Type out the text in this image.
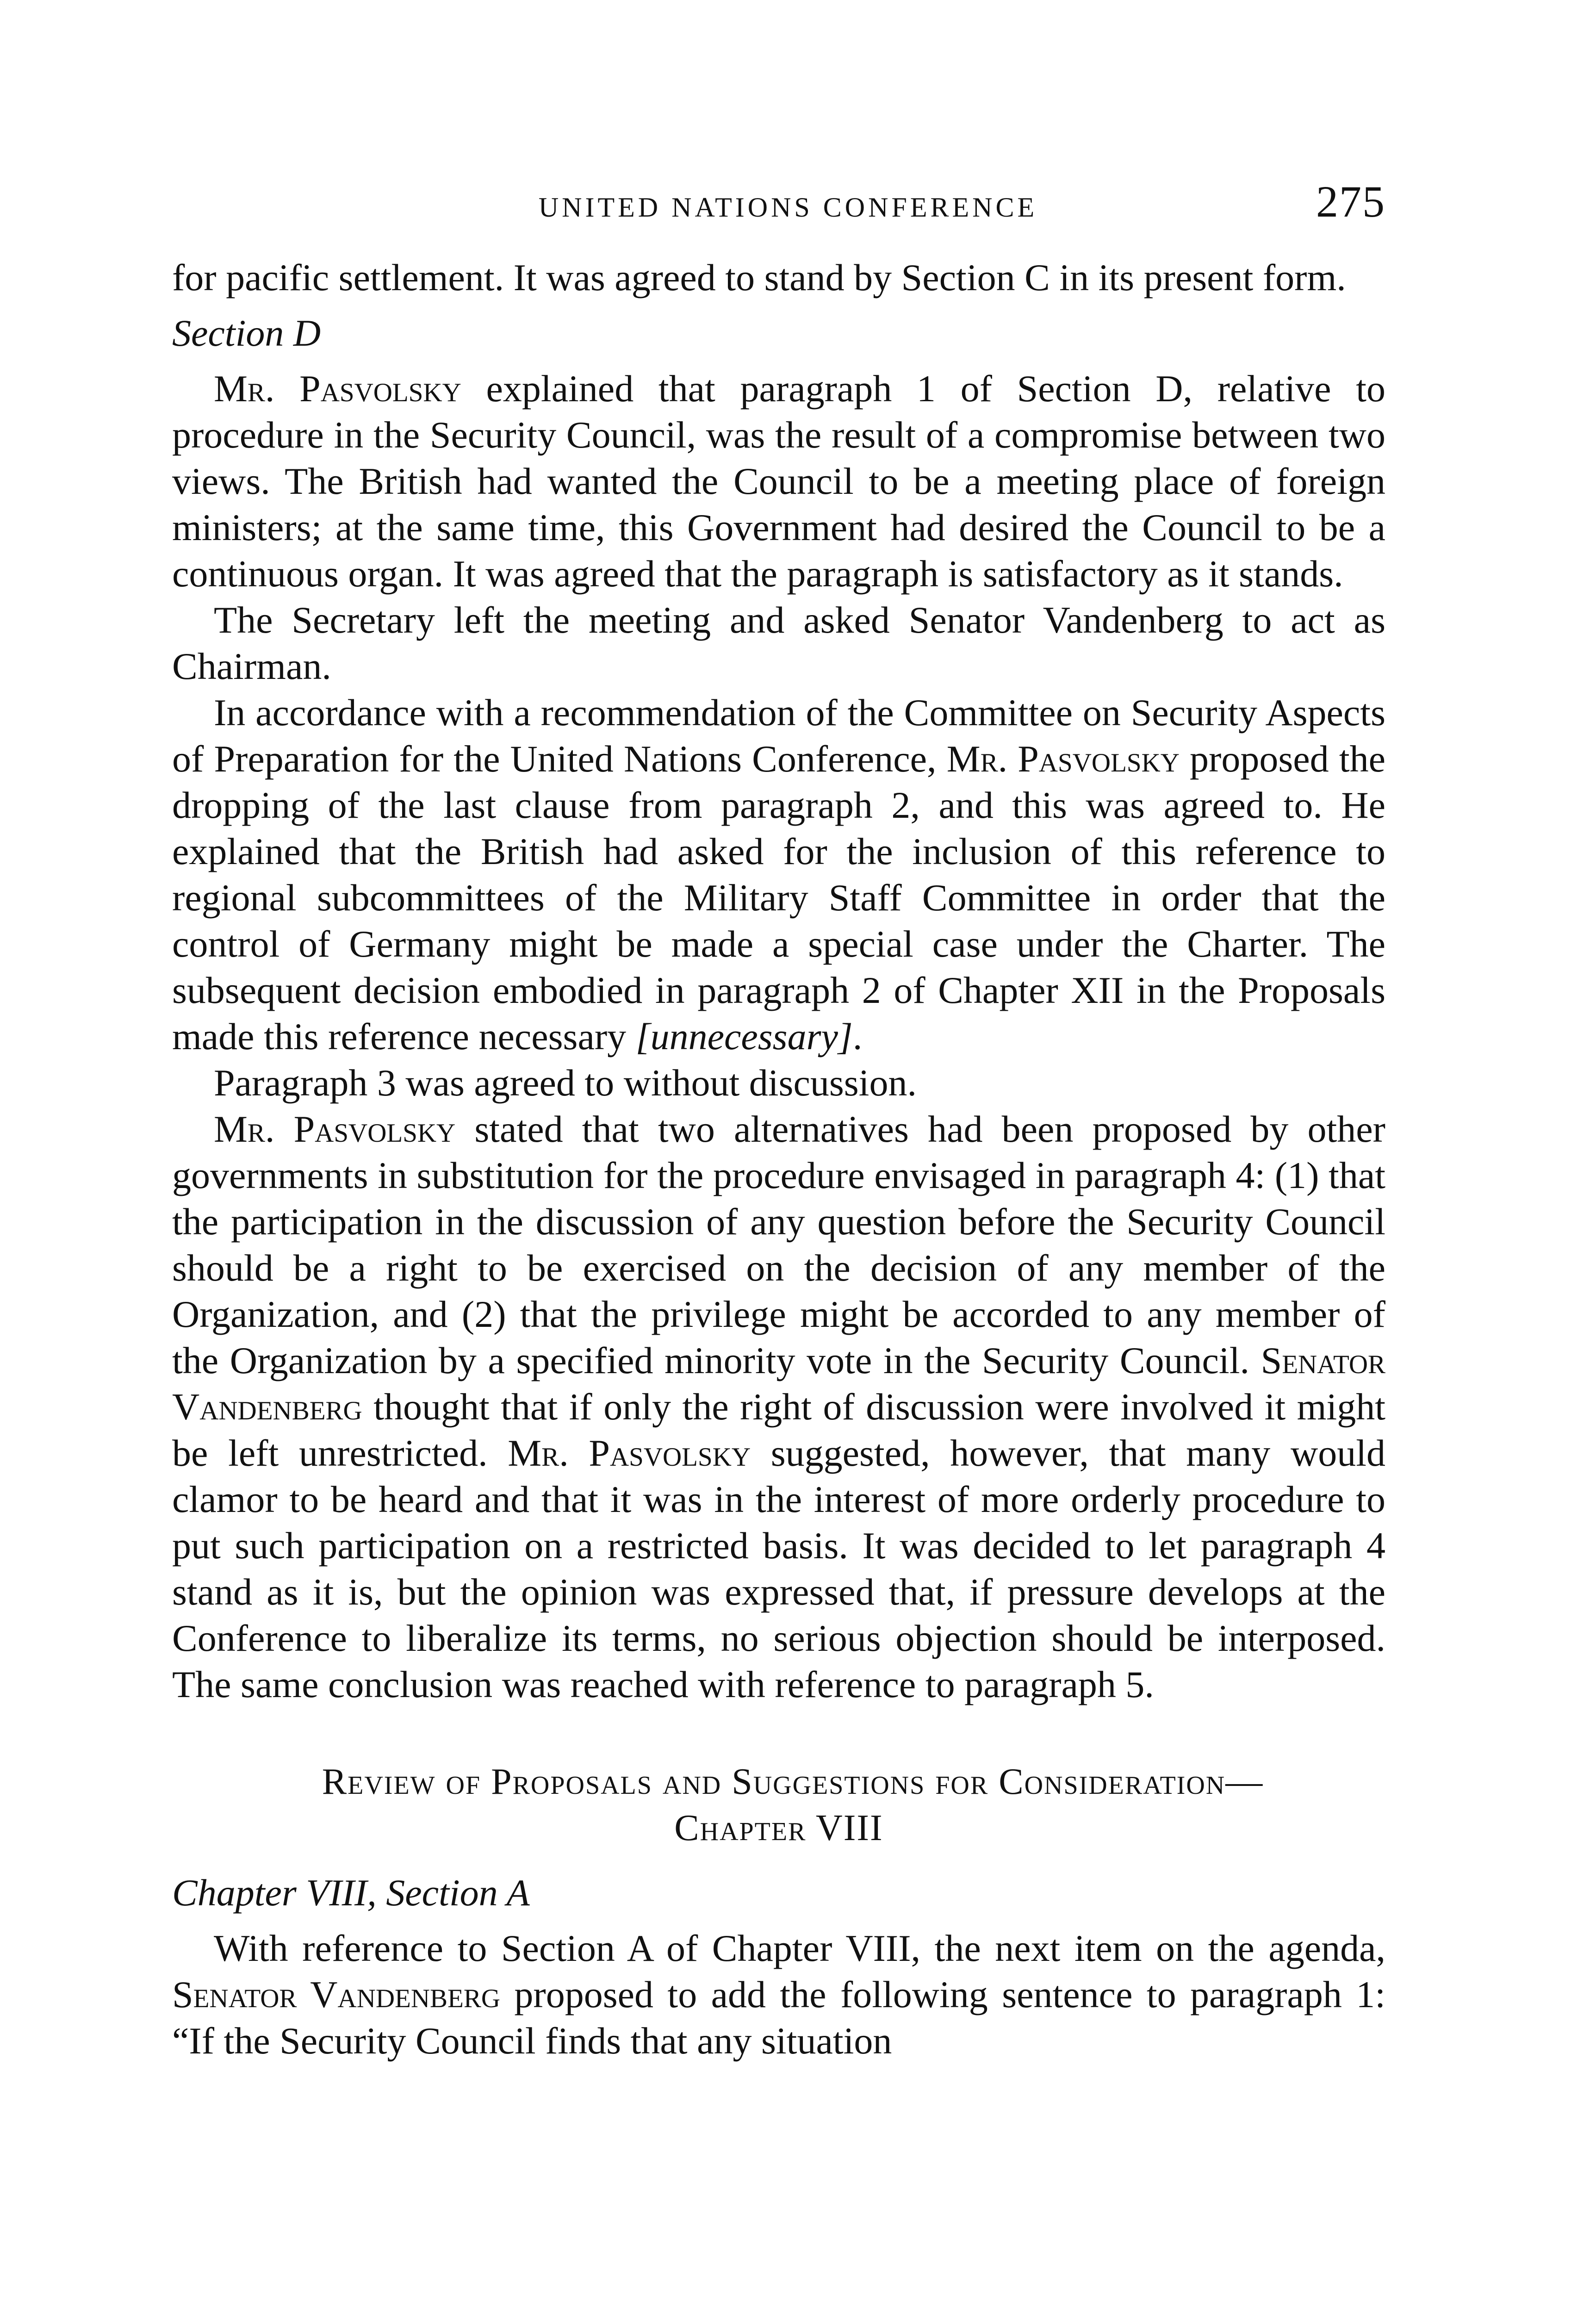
UNITED NATIONS CONFERENCE	275

for pacific settlement. It was agreed to stand by Section C in its present form.

Section D

Mr. Pasvolsky explained that paragraph 1 of Section D, relative to procedure in the Security Council, was the result of a compromise between two views. The British had wanted the Council to be a meeting place of foreign ministers; at the same time, this Government had desired the Council to be a continuous organ. It was agreed that the paragraph is satisfactory as it stands.

The Secretary left the meeting and asked Senator Vandenberg to act as Chairman.

In accordance with a recommendation of the Committee on Security Aspects of Preparation for the United Nations Conference, Mr. Pasvolsky proposed the dropping of the last clause from paragraph 2, and this was agreed to. He explained that the British had asked for the inclusion of this reference to regional subcommittees of the Military Staff Committee in order that the control of Germany might be made a special case under the Charter. The subsequent decision embodied in paragraph 2 of Chapter XII in the Proposals made this reference necessary [unnecessary].

Paragraph 3 was agreed to without discussion.

Mr. Pasvolsky stated that two alternatives had been proposed by other governments in substitution for the procedure envisaged in paragraph 4: (1) that the participation in the discussion of any question before the Security Council should be a right to be exercised on the decision of any member of the Organization, and (2) that the privilege might be accorded to any member of the Organization by a specified minority vote in the Security Council. Senator Vandenberg thought that if only the right of discussion were involved it might be left unrestricted. Mr. Pasvolsky suggested, however, that many would clamor to be heard and that it was in the interest of more orderly procedure to put such participation on a restricted basis. It was decided to let paragraph 4 stand as it is, but the opinion was expressed that, if pressure develops at the Conference to liberalize its terms, no serious objection should be interposed. The same conclusion was reached with reference to paragraph 5.

Review of Proposals and Suggestions for Consideration—
Chapter VIII
Chapter VIII, Section A

With reference to Section A of Chapter VIII, the next item on the agenda, Senator Vandenberg proposed to add the following sentence to paragraph 1: “If the Security Council finds that any situation
